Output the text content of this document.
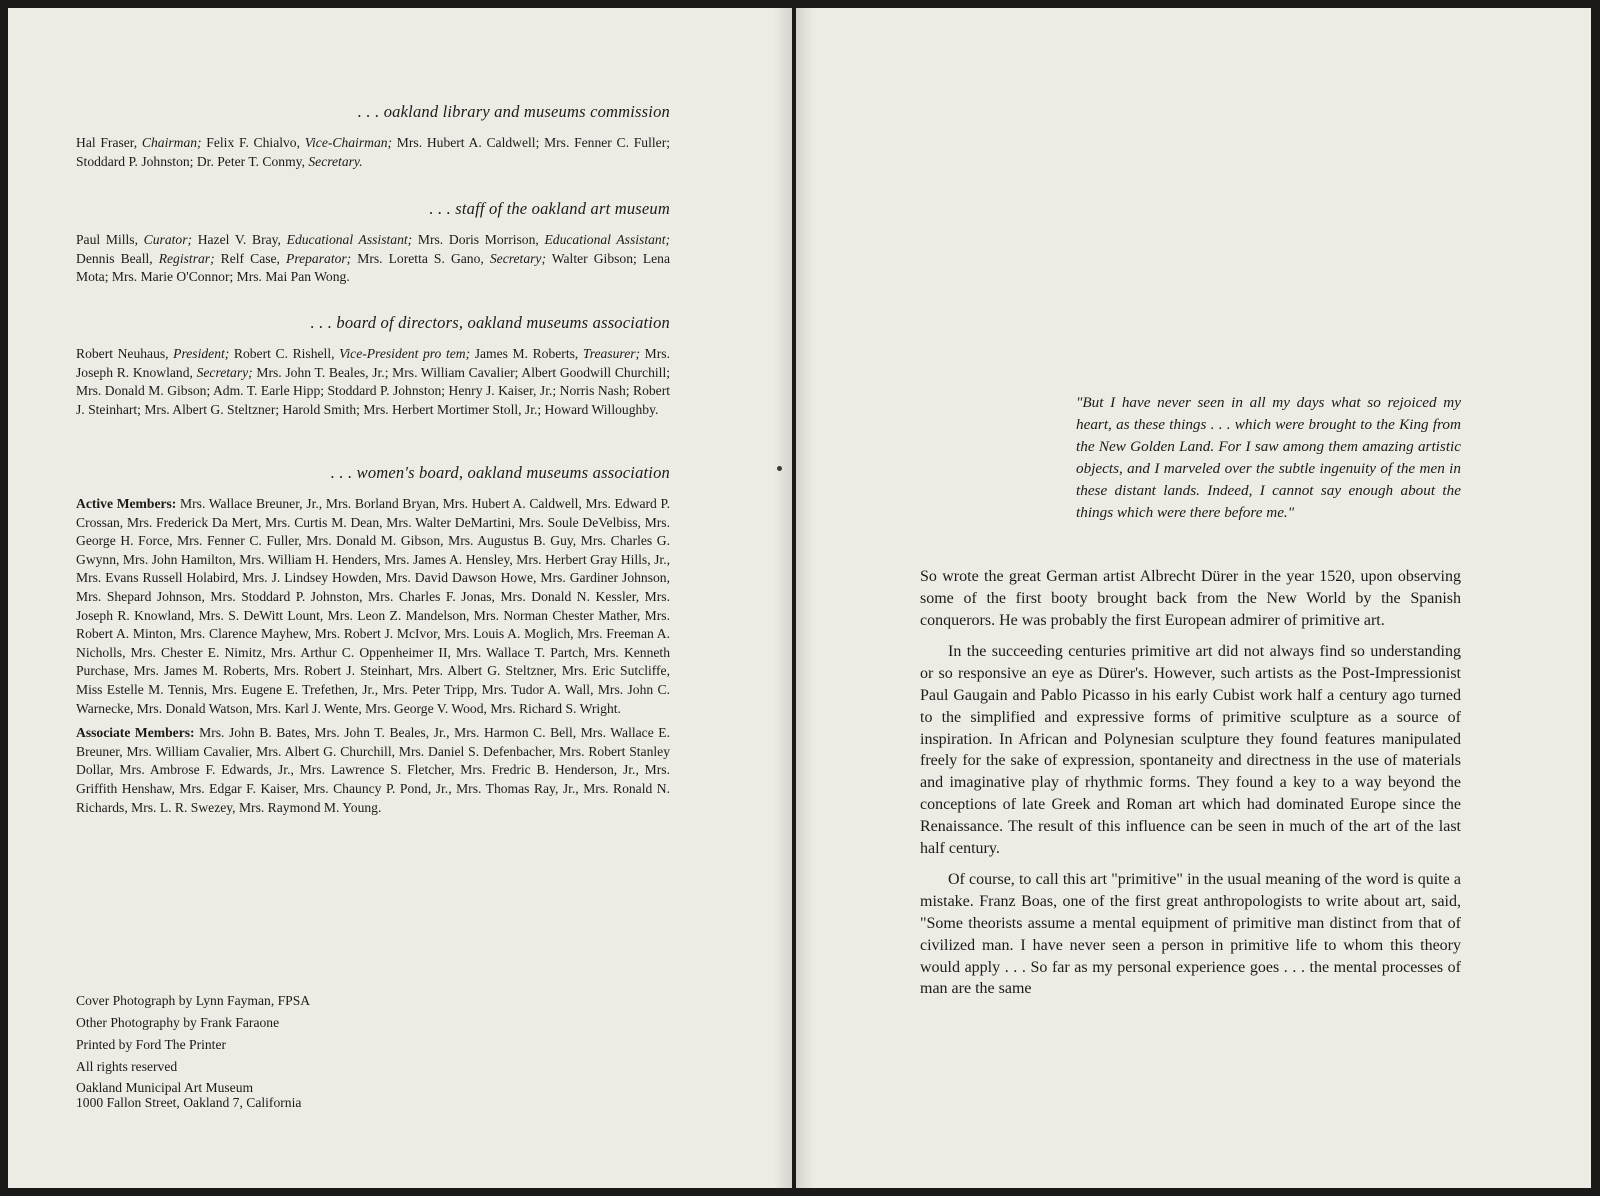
. . . oakland library and museums commission

Hal Fraser, Chairman; Felix F. Chialvo, Vice-Chairman; Mrs. Hubert A. Caldwell; Mrs. Fenner C. Fuller; Stoddard P. Johnston; Dr. Peter T. Conmy, Secretary.

. . . staff of the oakland art museum

Paul Mills, Curator; Hazel V. Bray, Educational Assistant; Mrs. Doris Morrison, Educational Assistant; Dennis Beall, Registrar; Relf Case, Preparator; Mrs. Loretta S. Gano, Secretary; Walter Gibson; Lena Mota; Mrs. Marie O'Connor; Mrs. Mai Pan Wong.

. . . board of directors, oakland museums association

Robert Neuhaus, President; Robert C. Rishell, Vice-President pro tem; James M. Roberts, Treasurer; Mrs. Joseph R. Knowland, Secretary; Mrs. John T. Beales, Jr.; Mrs. William Cavalier; Albert Goodwill Churchill; Mrs. Donald M. Gibson; Adm. T. Earle Hipp; Stoddard P. Johnston; Henry J. Kaiser, Jr.; Norris Nash; Robert J. Steinhart; Mrs. Albert G. Steltzner; Harold Smith; Mrs. Herbert Mortimer Stoll, Jr.; Howard Willoughby.

. . . women's board, oakland museums association

Active Members: Mrs. Wallace Breuner, Jr., Mrs. Borland Bryan, Mrs. Hubert A. Caldwell, Mrs. Edward P. Crossan, Mrs. Frederick Da Mert, Mrs. Curtis M. Dean, Mrs. Walter DeMartini, Mrs. Soule DeVelbiss, Mrs. George H. Force, Mrs. Fenner C. Fuller, Mrs. Donald M. Gibson, Mrs. Augustus B. Guy, Mrs. Charles G. Gwynn, Mrs. John Hamilton, Mrs. William H. Henders, Mrs. James A. Hensley, Mrs. Herbert Gray Hills, Jr., Mrs. Evans Russell Holabird, Mrs. J. Lindsey Howden, Mrs. David Dawson Howe, Mrs. Gardiner Johnson, Mrs. Shepard Johnson, Mrs. Stoddard P. Johnston, Mrs. Charles F. Jonas, Mrs. Donald N. Kessler, Mrs. Joseph R. Knowland, Mrs. S. DeWitt Lount, Mrs. Leon Z. Mandelson, Mrs. Norman Chester Mather, Mrs. Robert A. Minton, Mrs. Clarence Mayhew, Mrs. Robert J. McIvor, Mrs. Louis A. Moglich, Mrs. Freeman A. Nicholls, Mrs. Chester E. Nimitz, Mrs. Arthur C. Oppenheimer II, Mrs. Wallace T. Partch, Mrs. Kenneth Purchase, Mrs. James M. Roberts, Mrs. Robert J. Steinhart, Mrs. Albert G. Steltzner, Mrs. Eric Sutcliffe, Miss Estelle M. Tennis, Mrs. Eugene E. Trefethen, Jr., Mrs. Peter Tripp, Mrs. Tudor A. Wall, Mrs. John C. Warnecke, Mrs. Donald Watson, Mrs. Karl J. Wente, Mrs. George V. Wood, Mrs. Richard S. Wright.

Associate Members: Mrs. John B. Bates, Mrs. John T. Beales, Jr., Mrs. Harmon C. Bell, Mrs. Wallace E. Breuner, Mrs. William Cavalier, Mrs. Albert G. Churchill, Mrs. Daniel S. Defenbacher, Mrs. Robert Stanley Dollar, Mrs. Ambrose F. Edwards, Jr., Mrs. Lawrence S. Fletcher, Mrs. Fredric B. Henderson, Jr., Mrs. Griffith Henshaw, Mrs. Edgar F. Kaiser, Mrs. Chauncy P. Pond, Jr., Mrs. Thomas Ray, Jr., Mrs. Ronald N. Richards, Mrs. L. R. Swezey, Mrs. Raymond M. Young.

Cover Photograph by Lynn Fayman, FPSA

Other Photography by Frank Faraone

Printed by Ford The Printer

All rights reserved

Oakland Municipal Art Museum
1000 Fallon Street, Oakland 7, California

"But I have never seen in all my days what so rejoiced my heart, as these things . . . which were brought to the King from the New Golden Land. For I saw among them amazing artistic objects, and I marveled over the subtle ingenuity of the men in these distant lands. Indeed, I cannot say enough about the things which were there before me."

So wrote the great German artist Albrecht Dürer in the year 1520, upon observing some of the first booty brought back from the New World by the Spanish conquerors. He was probably the first European admirer of primitive art.

In the succeeding centuries primitive art did not always find so understanding or so responsive an eye as Dürer's. However, such artists as the Post-Impressionist Paul Gaugain and Pablo Picasso in his early Cubist work half a century ago turned to the simplified and expressive forms of primitive sculpture as a source of inspiration. In African and Polynesian sculpture they found features manipulated freely for the sake of expression, spontaneity and directness in the use of materials and imaginative play of rhythmic forms. They found a key to a way beyond the conceptions of late Greek and Roman art which had dominated Europe since the Renaissance. The result of this influence can be seen in much of the art of the last half century.

Of course, to call this art "primitive" in the usual meaning of the word is quite a mistake. Franz Boas, one of the first great anthropologists to write about art, said, "Some theorists assume a mental equipment of primitive man distinct from that of civilized man. I have never seen a person in primitive life to whom this theory would apply . . . So far as my personal experience goes . . . the mental processes of man are the same
